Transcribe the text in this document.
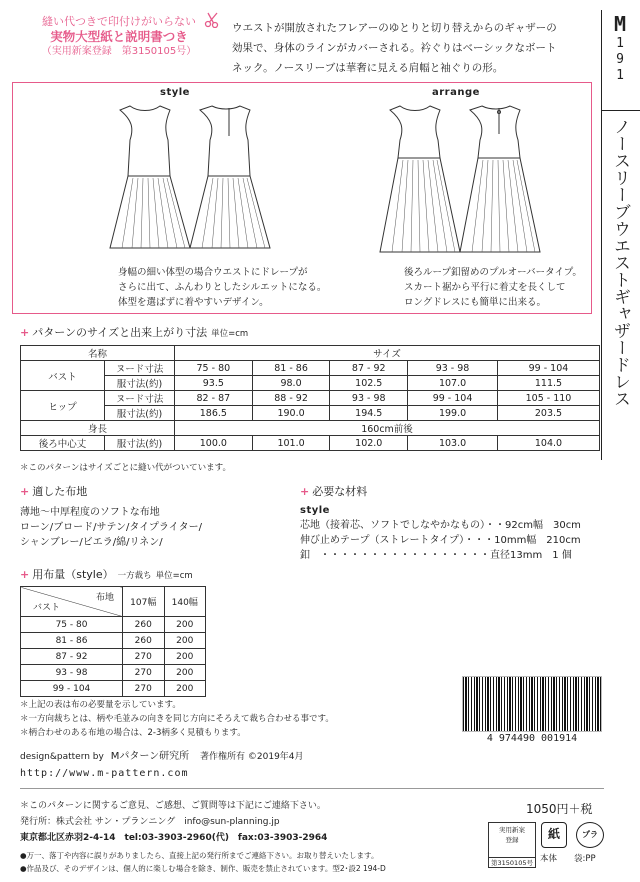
縫い代つきで印付けがいらない
実物大型紙と説明書つき
（実用新案登録　第3150105号）
ウエストが開放されたフレアーのゆとりと切り替えからのギャザーの
効果で、身体のラインがカバーされる。衿ぐりはベーシックなボート
ネック。ノースリーブは華奢に見える肩幅と袖ぐりの形。
M
1
9
1
ノースリーブウエストギャザードレス
style	arrange
身幅の細い体型の場合ウエストにドレープが
さらに出て、ふんわりとしたシルエットになる。
体型を選ばずに着やすいデザイン。
後ろループ釦留めのプルオーバータイプ。
スカート裾から平行に着丈を長くして
ロングドレスにも簡単に出来る。
+ パターンのサイズと出来上がり寸法 単位=cm
名称		サイズ				
バスト	ヌード寸法	75 - 80	81 - 86	87 - 92	93 - 98	99 - 104
	服寸法(約)	93.5	98.0	102.5	107.0	111.5
ヒップ	ヌード寸法	82 - 87	88 - 92	93 - 98	99 - 104	105 - 110
	服寸法(約)	186.5	190.0	194.5	199.0	203.5
身長		160cm前後				
後ろ中心丈	服寸法(約)	100.0	101.0	102.0	103.0	104.0
＊このパターンはサイズごとに縫い代がついています。
+ 適した布地
薄地～中厚程度のソフトな布地
ローン/ブロード/サテン/タイプライター/
シャンブレー/ビエラ/綿/リネン/
+ 必要な材料
style
芯地（接着芯、ソフトでしなやかなもの）・・92cm幅　30cm
伸び止めテープ（ストレートタイプ）・・・10mm幅　210cm
釦　・・・・・・・・・・・・・・・・・直径13mm　1 個
+ 用布量（style） 一方裁ち 単位=cm
布地
バスト	107幅	140幅
75 - 80	260	200
81 - 86	260	200
87 - 92	270	200
93 - 98	270	200
99 - 104	270	200
＊上記の表は布の必要量を示しています。
＊一方向裁ちとは、柄や毛並みの向きを同じ方向にそろえて裁ち合わせる事です。
＊柄合わせのある布地の場合は、2-3柄多く見積もります。	4 974490 001914
design&pattern by Mパターン研究所 著作権所有 ©2019年4月
http://www.m-pattern.com
＊このパターンに関するご意見、ご感想、ご質問等は下記にご連絡下さい。
発行所：株式会社 サン・プランニング　info@sun-planning.jp
東京都北区赤羽2-4-14　tel:03-3903-2960(代)　fax:03-3903-2964
●万一、落丁や内容に誤りがありましたら、直接上記の発行所までご連絡下さい。お取り替えいたします。
●作品及び、そのデザインは、個人的に楽しむ場合を除き、制作、販売を禁止されています。型2･設2 194-D
1050円＋税
実用新案
登録
第3150105号
紙
本体
プラ
袋:PP
